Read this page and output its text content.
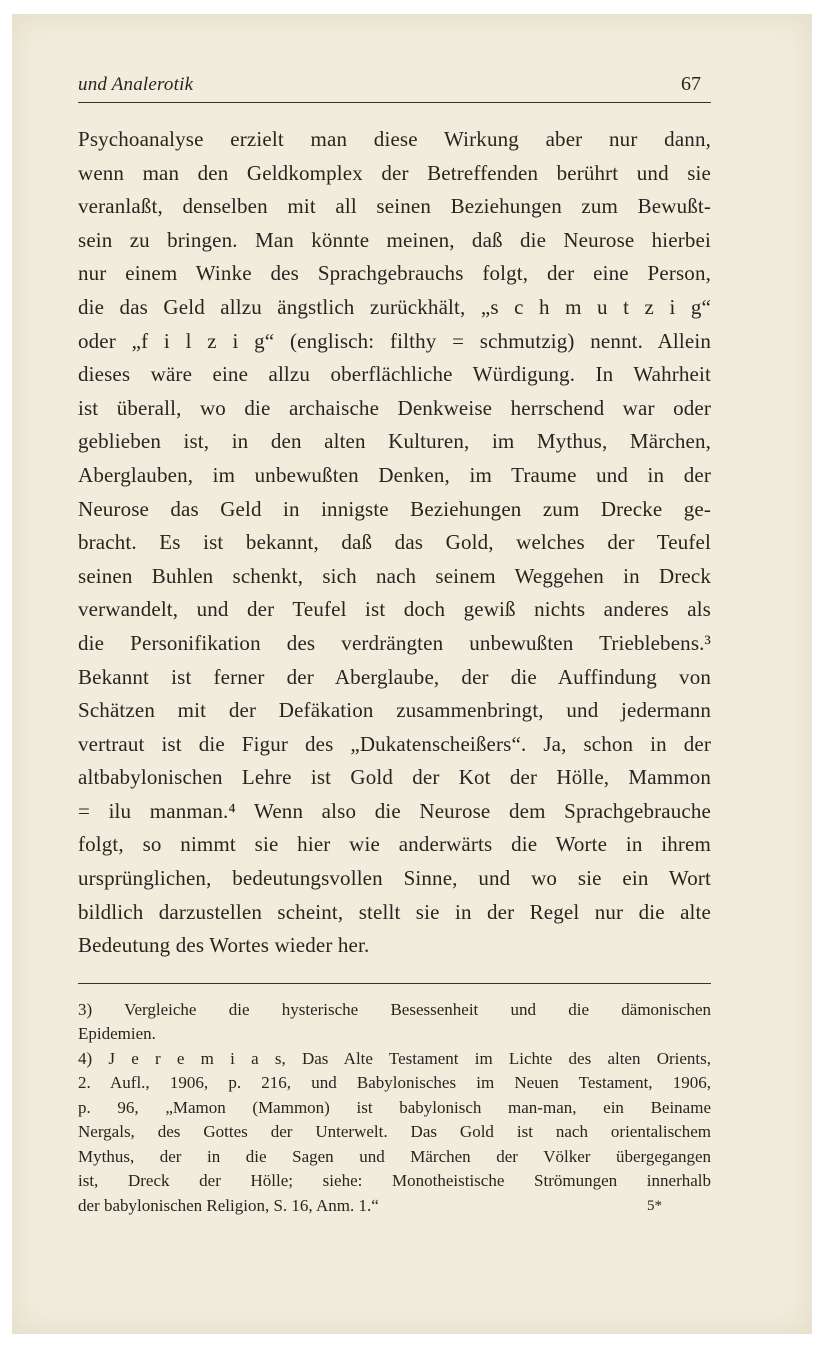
und Analerotik	67
Psychoanalyse erzielt man diese Wirkung aber nur dann,
wenn man den Geldkomplex der Betreffenden berührt und sie
veranlaßt, denselben mit all seinen Beziehungen zum Bewußt-
sein zu bringen. Man könnte meinen, daß die Neurose hierbei
nur einem Winke des Sprachgebrauchs folgt, der eine Person,
die das Geld allzu ängstlich zurückhält, „s c h m u t z i g“
oder „f i l z i g“ (englisch: filthy = schmutzig) nennt. Allein
dieses wäre eine allzu oberflächliche Würdigung. In Wahrheit
ist überall, wo die archaische Denkweise herrschend war oder
geblieben ist, in den alten Kulturen, im Mythus, Märchen,
Aberglauben, im unbewußten Denken, im Traume und in der
Neurose das Geld in innigste Beziehungen zum Drecke ge-
bracht. Es ist bekannt, daß das Gold, welches der Teufel
seinen Buhlen schenkt, sich nach seinem Weggehen in Dreck
verwandelt, und der Teufel ist doch gewiß nichts anderes als
die Personifikation des verdrängten unbewußten Trieblebens.³
Bekannt ist ferner der Aberglaube, der die Auffindung von
Schätzen mit der Defäkation zusammenbringt, und jedermann
vertraut ist die Figur des „Dukatenscheißers“. Ja, schon in der
altbabylonischen Lehre ist Gold der Kot der Hölle, Mammon
= ilu manman.⁴ Wenn also die Neurose dem Sprachgebrauche
folgt, so nimmt sie hier wie anderwärts die Worte in ihrem
ursprünglichen, bedeutungsvollen Sinne, und wo sie ein Wort
bildlich darzustellen scheint, stellt sie in der Regel nur die alte
Bedeutung des Wortes wieder her.
3) Vergleiche die hysterische Besessenheit und die dämonischen
Epidemien.
4) J e r e m i a s, Das Alte Testament im Lichte des alten Orients,
2. Aufl., 1906, p. 216, und Babylonisches im Neuen Testament, 1906,
p. 96, „Mamon (Mammon) ist babylonisch man-man, ein Beiname
Nergals, des Gottes der Unterwelt. Das Gold ist nach orientalischem
Mythus, der in die Sagen und Märchen der Völker übergegangen
ist, Dreck der Hölle; siehe: Monotheistische Strömungen innerhalb
der babylonischen Religion, S. 16, Anm. 1.“	5*
